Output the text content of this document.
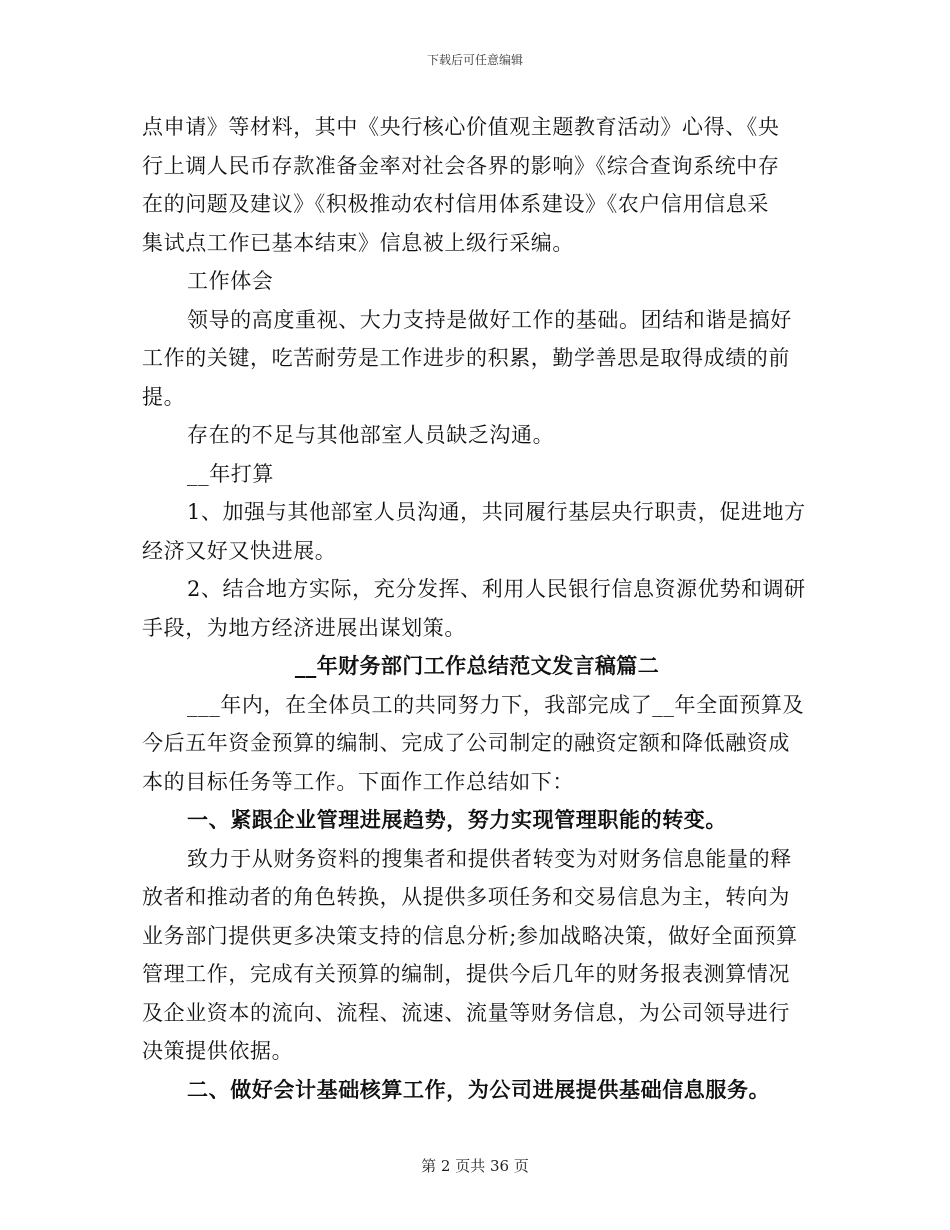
下载后可任意编辑
点申请》等材料，其中《央行核心价值观主题教育活动》心得、《央
行上调人民币存款准备金率对社会各界的影响》《综合查询系统中存
在的问题及建议》《积极推动农村信用体系建设》《农户信用信息采
集试点工作已基本结束》信息被上级行采编。
工作体会
领导的高度重视、大力支持是做好工作的基础。团结和谐是搞好
工作的关键，吃苦耐劳是工作进步的积累，勤学善思是取得成绩的前
提。
存在的不足与其他部室人员缺乏沟通。
__年打算
1、加强与其他部室人员沟通，共同履行基层央行职责，促进地方
经济又好又快进展。
2、结合地方实际，充分发挥、利用人民银行信息资源优势和调研
手段，为地方经济进展出谋划策。
__年财务部门工作总结范文发言稿篇二
___年内，在全体员工的共同努力下，我部完成了__年全面预算及
今后五年资金预算的编制、完成了公司制定的融资定额和降低融资成
本的目标任务等工作。下面作工作总结如下：
一、紧跟企业管理进展趋势，努力实现管理职能的转变。
致力于从财务资料的搜集者和提供者转变为对财务信息能量的释
放者和推动者的角色转换，从提供多项任务和交易信息为主，转向为
业务部门提供更多决策支持的信息分析;参加战略决策，做好全面预算
管理工作，完成有关预算的编制，提供今后几年的财务报表测算情况
及企业资本的流向、流程、流速、流量等财务信息，为公司领导进行
决策提供依据。
二、做好会计基础核算工作，为公司进展提供基础信息服务。
第 2 页共 36 页
